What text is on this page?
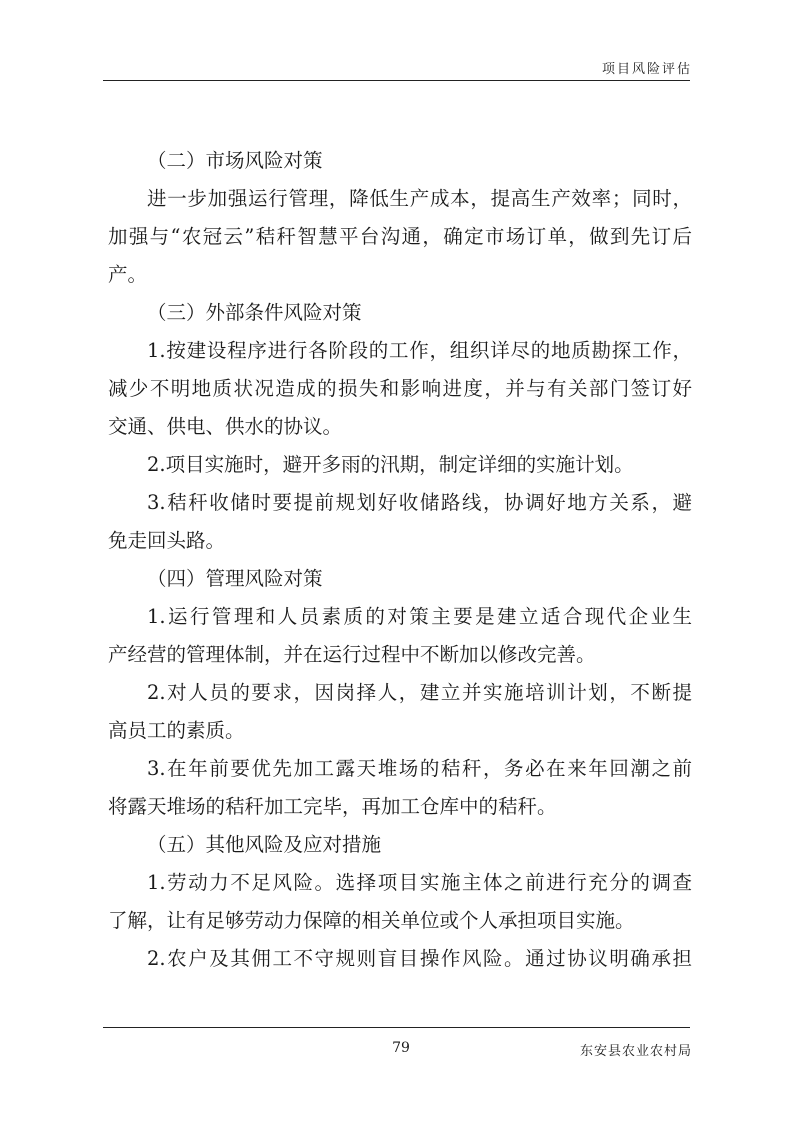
项目风险评估
（二）市场风险对策
进一步加强运行管理，降低生产成本，提高生产效率；同时，
加强与“农冠云”秸秆智慧平台沟通，确定市场订单，做到先订后
产。
（三）外部条件风险对策
1.按建设程序进行各阶段的工作，组织详尽的地质勘探工作，
减少不明地质状况造成的损失和影响进度，并与有关部门签订好
交通、供电、供水的协议。
2.项目实施时，避开多雨的汛期，制定详细的实施计划。
3.秸秆收储时要提前规划好收储路线，协调好地方关系，避
免走回头路。
（四）管理风险对策
1.运行管理和人员素质的对策主要是建立适合现代企业生
产经营的管理体制，并在运行过程中不断加以修改完善。
2.对人员的要求，因岗择人，建立并实施培训计划，不断提
高员工的素质。
3.在年前要优先加工露天堆场的秸秆，务必在来年回潮之前
将露天堆场的秸秆加工完毕，再加工仓库中的秸秆。
（五）其他风险及应对措施
1.劳动力不足风险。选择项目实施主体之前进行充分的调查
了解，让有足够劳动力保障的相关单位或个人承担项目实施。
2.农户及其佣工不守规则盲目操作风险。通过协议明确承担
79	东安县农业农村局
